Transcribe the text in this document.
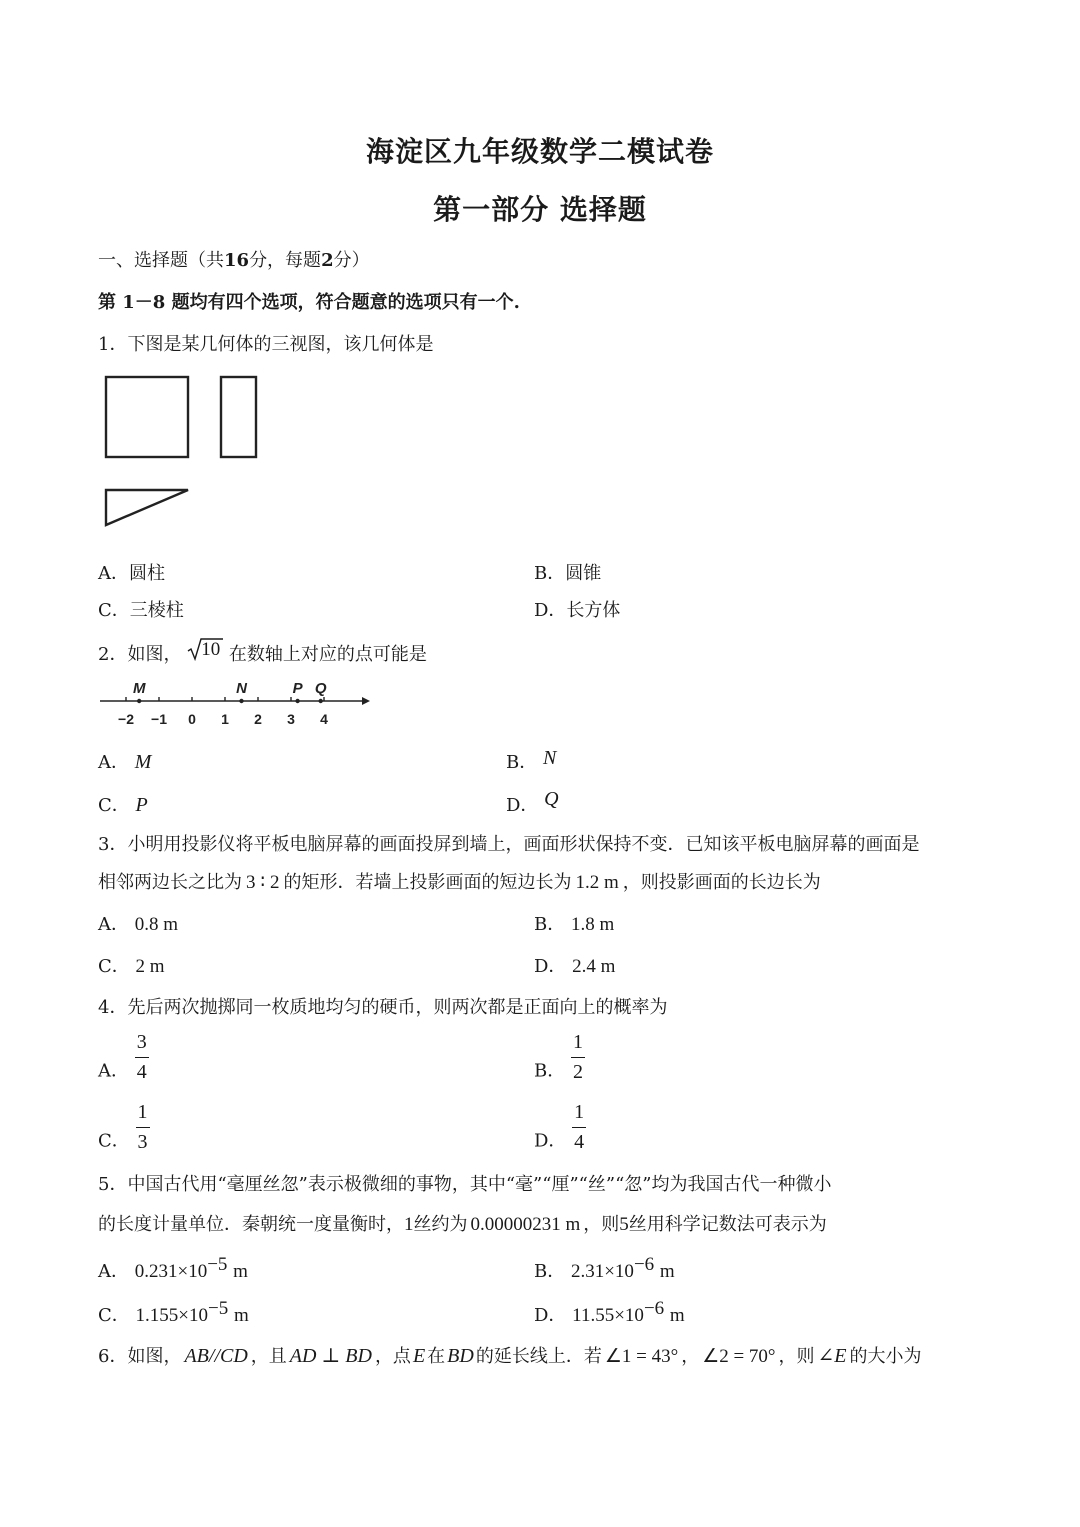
海淀区九年级数学二模试卷
第一部分 选择题
一、选择题（共16分，每题2分）
第 1－8 题均有四个选项，符合题意的选项只有一个.
1．下图是某几何体的三视图，该几何体是
A．圆柱	B．圆锥
C．三棱柱	D．长方体
2．如图， 10 在数轴上对应的点可能是
−2 −1 0 1 2 3 4
M	N	P Q
A． M	B． N
C． P	D． Q
3．小明用投影仪将平板电脑屏幕的画面投屏到墙上，画面形状保持不变．已知该平板电脑屏幕的画面是
相邻两边长之比为 3 ∶ 2 的矩形．若墙上投影画面的短边长为 1.2 m ，则投影画面的长边长为
A． 0.8 m	B． 1.8 m
C． 2 m	D． 2.4 m
4．先后两次抛掷同一枚质地均匀的硬币，则两次都是正面向上的概率为
A． $\frac{3}{4}$	B． $\frac{1}{2}$
C． $\frac{1}{3}$	D． $\frac{1}{4}$
5．中国古代用“毫厘丝忽”表示极微细的事物，其中“毫”“厘”“丝”“忽”均为我国古代一种微小
的长度计量单位．秦朝统一度量衡时，1丝约为 0.00000231 m ，则5丝用科学记数法可表示为
A． $0.231\times 10^{-5}$ m	B． $2.31\times 10^{-6}$ m
C． $1.155\times 10^{-5}$ m	D． $11.55\times 10^{-6}$ m
6．如图， AB//CD ，且 AD ⊥ BD ，点 E 在 BD 的延长线上．若 ∠1 = 43° ， ∠2 = 70° ，则 ∠E 的大小为
